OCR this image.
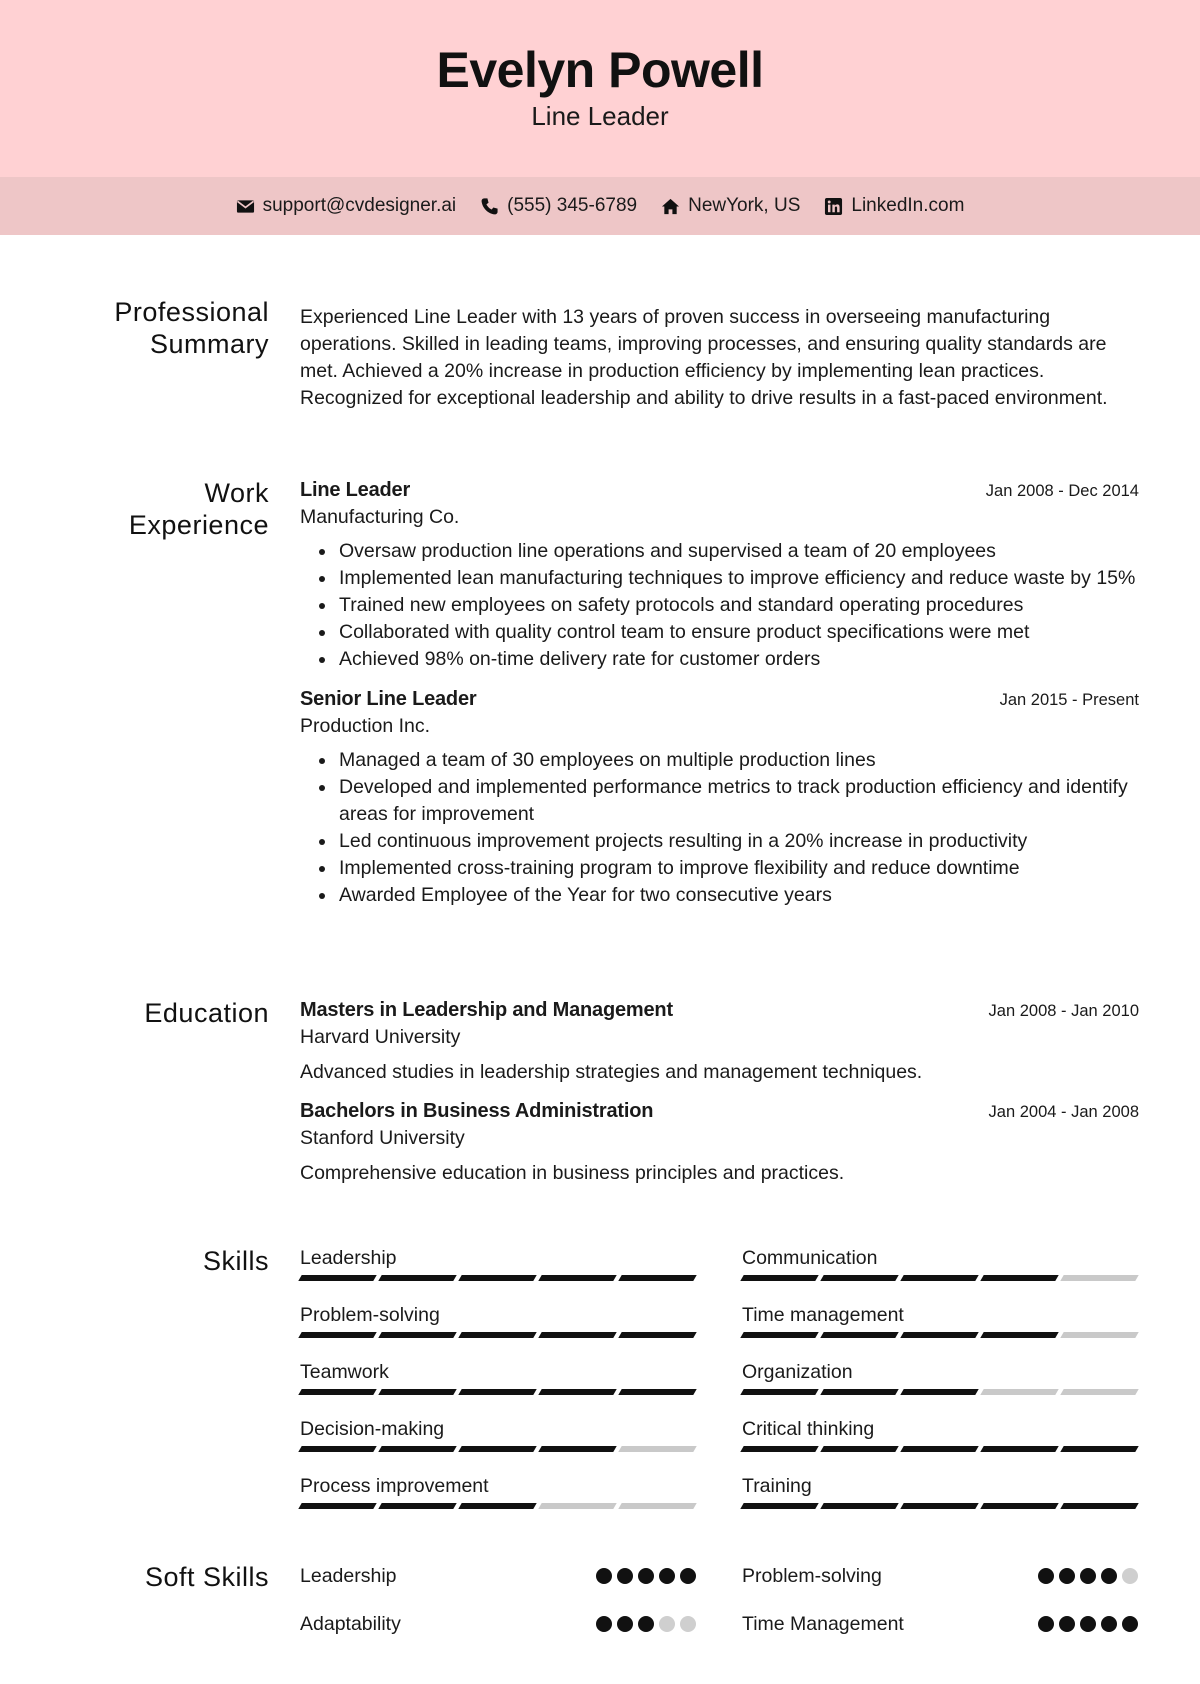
Evelyn Powell
Line Leader
support@cvdesigner.ai	(555) 345-6789	NewYork, US	LinkedIn.com
Professional
Summary

Experienced Line Leader with 13 years of proven success in overseeing manufacturing operations. Skilled in leading teams, improving processes, and ensuring quality standards are met. Achieved a 20% increase in production efficiency by implementing lean practices. Recognized for exceptional leadership and ability to drive results in a fast-paced environment.

Work
Experience
Line Leader	Jan 2008 - Dec 2014
Manufacturing Co.
• Oversaw production line operations and supervised a team of 20 employees
• Implemented lean manufacturing techniques to improve efficiency and reduce waste by 15%
• Trained new employees on safety protocols and standard operating procedures
• Collaborated with quality control team to ensure product specifications were met
• Achieved 98% on-time delivery rate for customer orders
Senior Line Leader	Jan 2015 - Present
Production Inc.
• Managed a team of 30 employees on multiple production lines
• Developed and implemented performance metrics to track production efficiency and identify areas for improvement
• Led continuous improvement projects resulting in a 20% increase in productivity
• Implemented cross-training program to improve flexibility and reduce downtime
• Awarded Employee of the Year for two consecutive years
Education Masters in Leadership and Management	Jan 2008 - Jan 2010
Harvard University
Advanced studies in leadership strategies and management techniques.
Bachelors in Business Administration	Jan 2004 - Jan 2008
Stanford University
Comprehensive education in business principles and practices.
Skills Leadership	Communication
Problem-solving	Time management
Teamwork	Organization
Decision-making	Critical thinking
Process improvement	Training
Soft Skills Leadership	Problem-solving
Adaptability	Time Management
